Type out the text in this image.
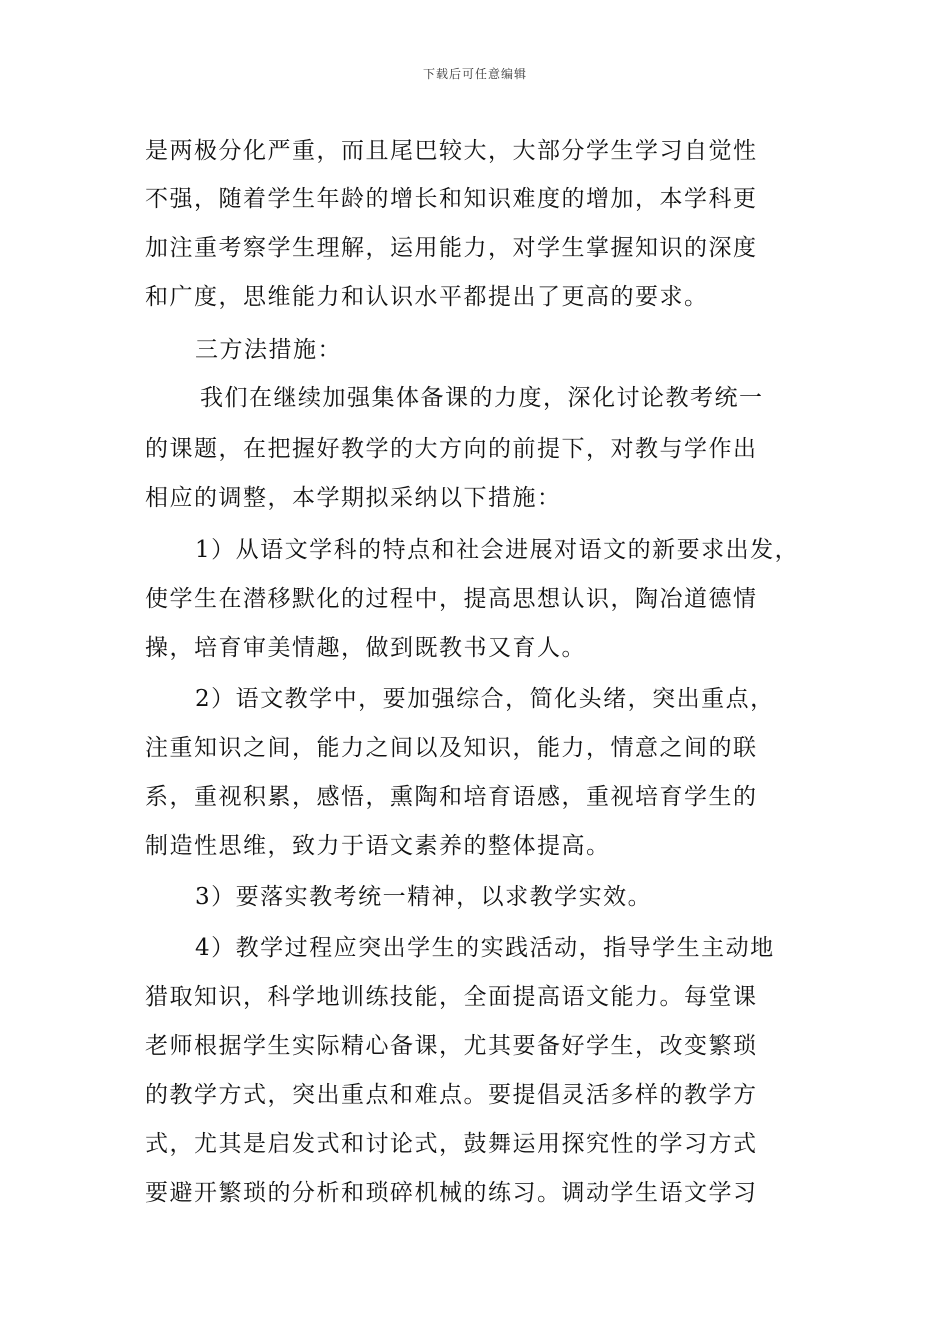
下载后可任意编辑
是两极分化严重，而且尾巴较大，大部分学生学习自觉性
不强，随着学生年龄的增长和知识难度的增加，本学科更
加注重考察学生理解，运用能力，对学生掌握知识的深度
和广度，思维能力和认识水平都提出了更高的要求。
三方法措施：
我们在继续加强集体备课的力度，深化讨论教考统一
的课题，在把握好教学的大方向的前提下，对教与学作出
相应的调整，本学期拟采纳以下措施：
1）从语文学科的特点和社会进展对语文的新要求出发，
使学生在潜移默化的过程中，提高思想认识，陶冶道德情
操，培育审美情趣，做到既教书又育人。
2）语文教学中，要加强综合，简化头绪，突出重点，
注重知识之间，能力之间以及知识，能力，情意之间的联
系，重视积累，感悟，熏陶和培育语感，重视培育学生的
制造性思维，致力于语文素养的整体提高。
3）要落实教考统一精神，以求教学实效。
4）教学过程应突出学生的实践活动，指导学生主动地
猎取知识，科学地训练技能，全面提高语文能力。每堂课
老师根据学生实际精心备课，尤其要备好学生，改变繁琐
的教学方式，突出重点和难点。要提倡灵活多样的教学方
式，尤其是启发式和讨论式，鼓舞运用探究性的学习方式
要避开繁琐的分析和琐碎机械的练习。调动学生语文学习
